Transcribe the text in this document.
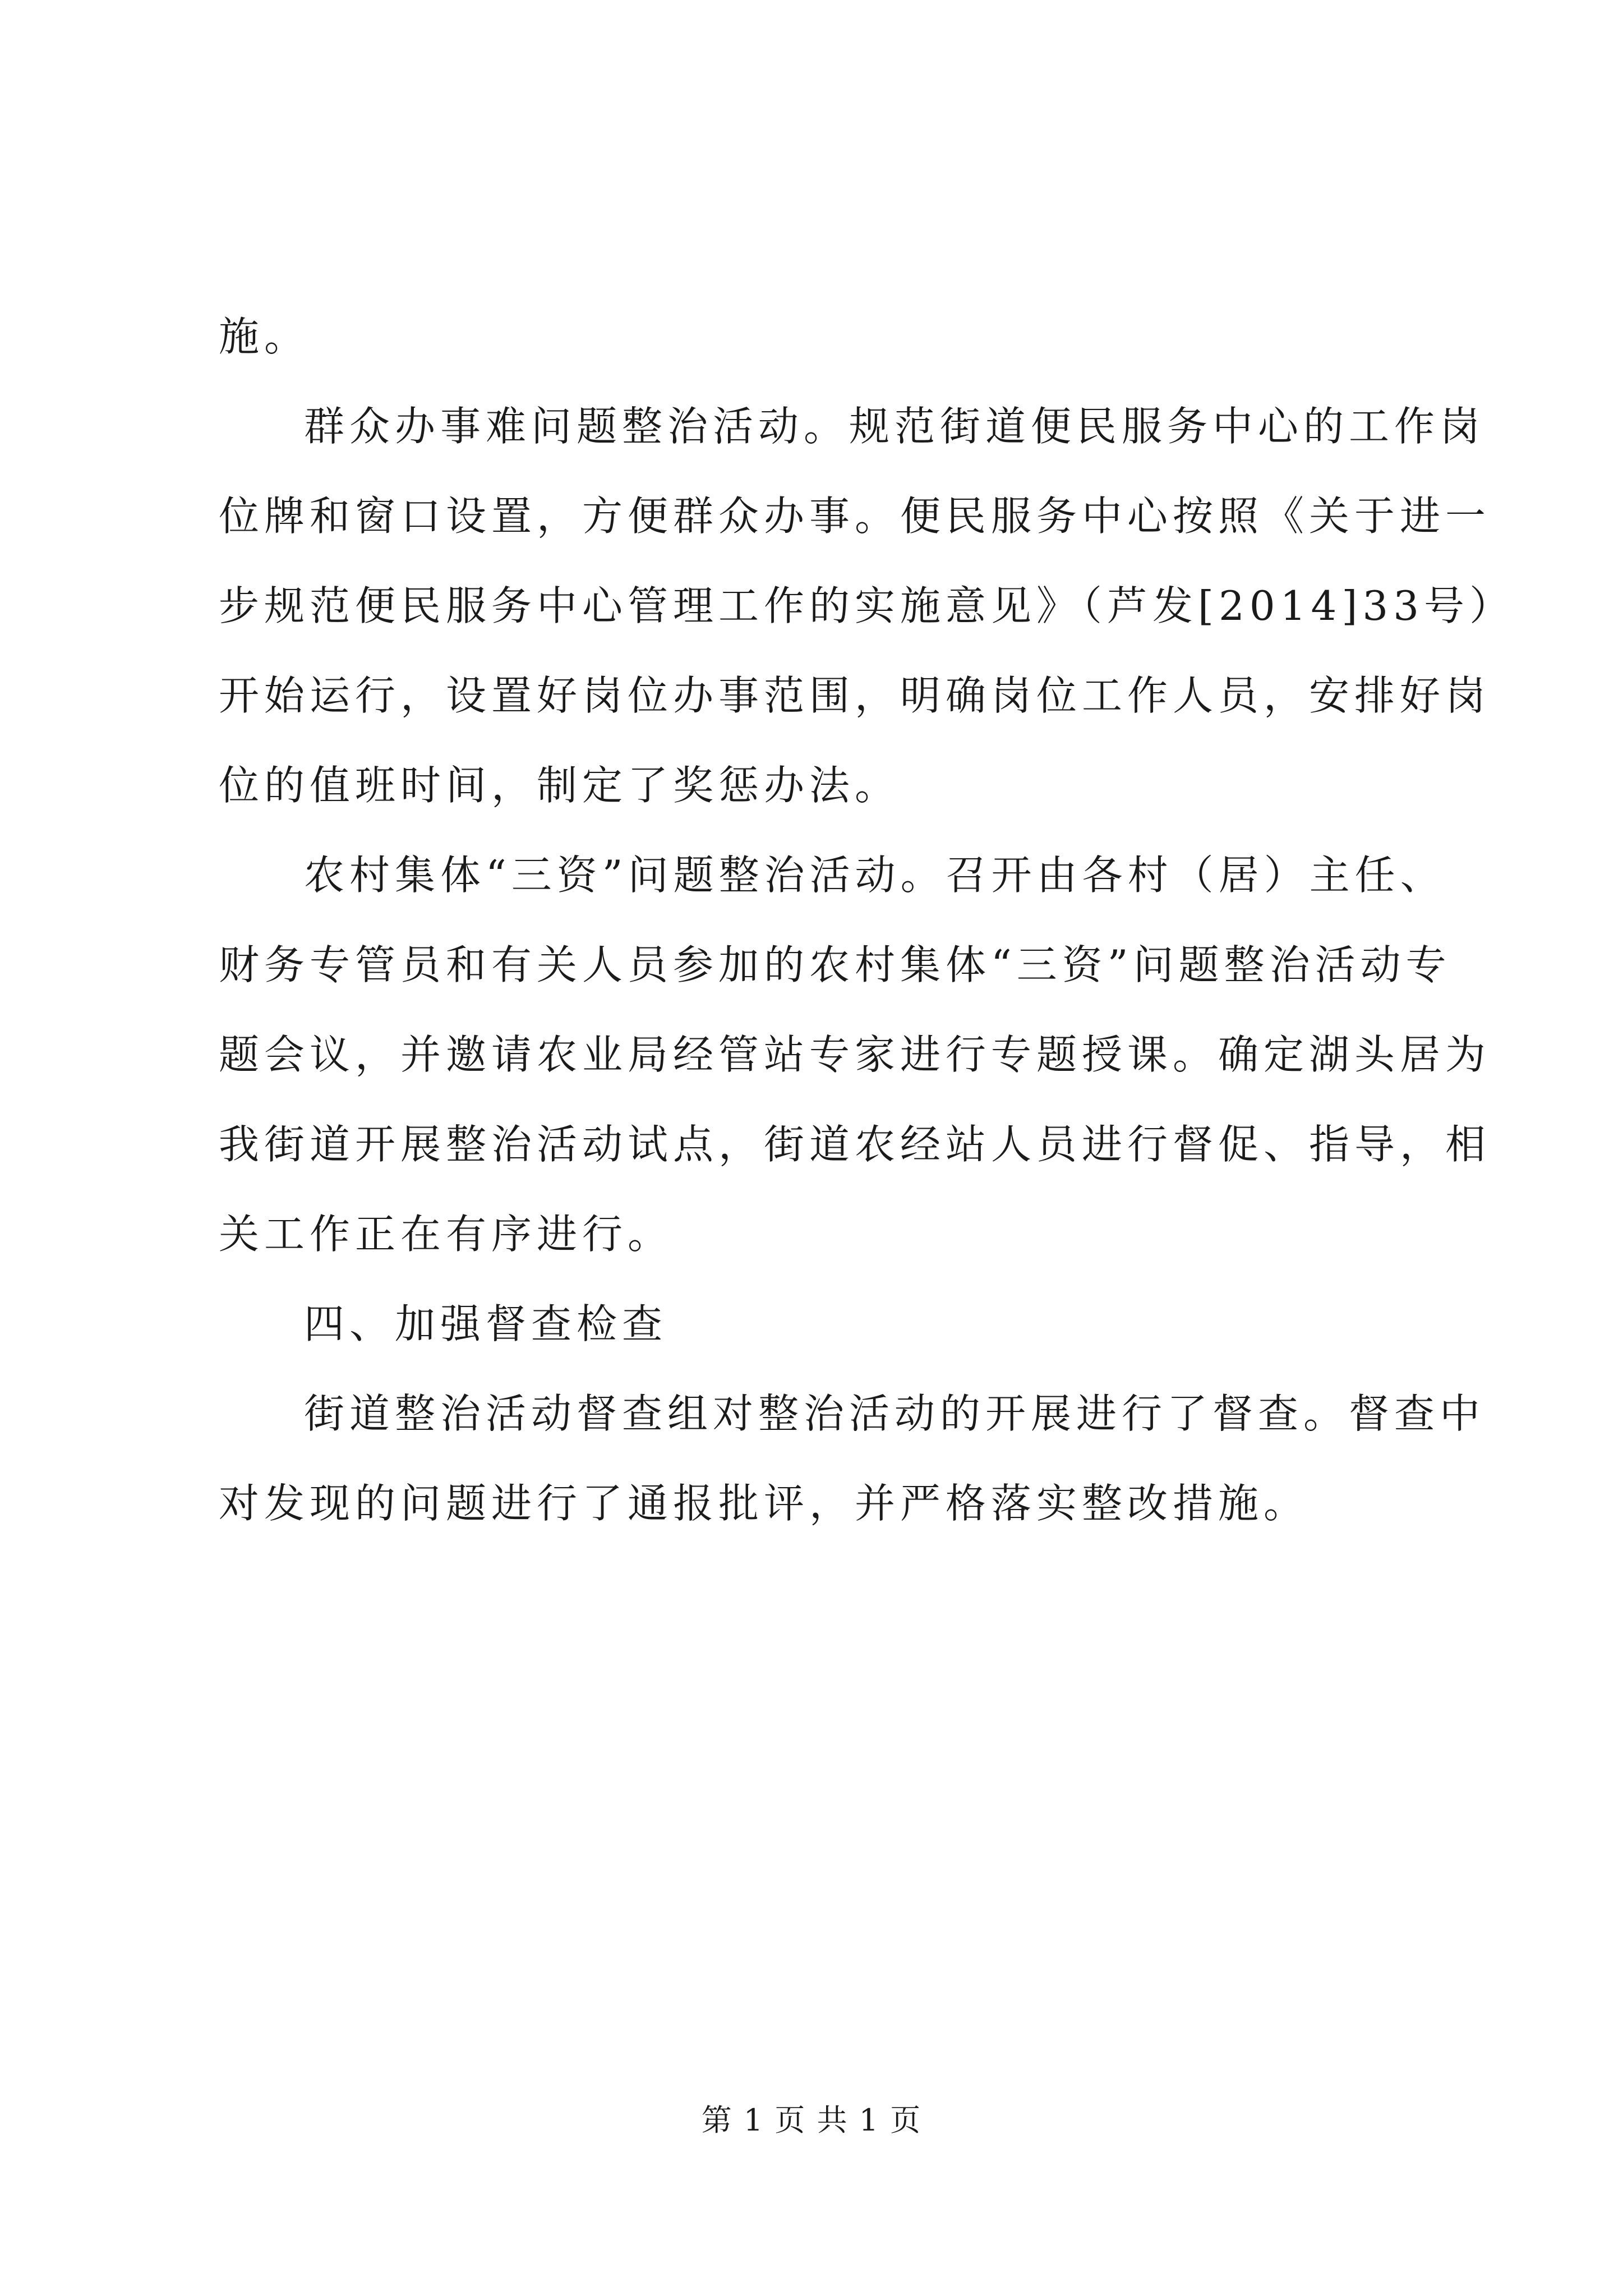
施。
群众办事难问题整治活动。规范街道便民服务中心的工作岗
位牌和窗口设置，方便群众办事。便民服务中心按照《关于进一
步规范便民服务中心管理工作的实施意见》（芦发[2014]33号）
开始运行，设置好岗位办事范围，明确岗位工作人员，安排好岗
位的值班时间，制定了奖惩办法。
农村集体“三资”问题整治活动。召开由各村（居）主任、
财务专管员和有关人员参加的农村集体“三资”问题整治活动专
题会议，并邀请农业局经管站专家进行专题授课。确定湖头居为
我街道开展整治活动试点，街道农经站人员进行督促、指导，相
关工作正在有序进行。
四、加强督查检查
街道整治活动督查组对整治活动的开展进行了督查。督查中
对发现的问题进行了通报批评，并严格落实整改措施。
第 1 页 共 1 页
